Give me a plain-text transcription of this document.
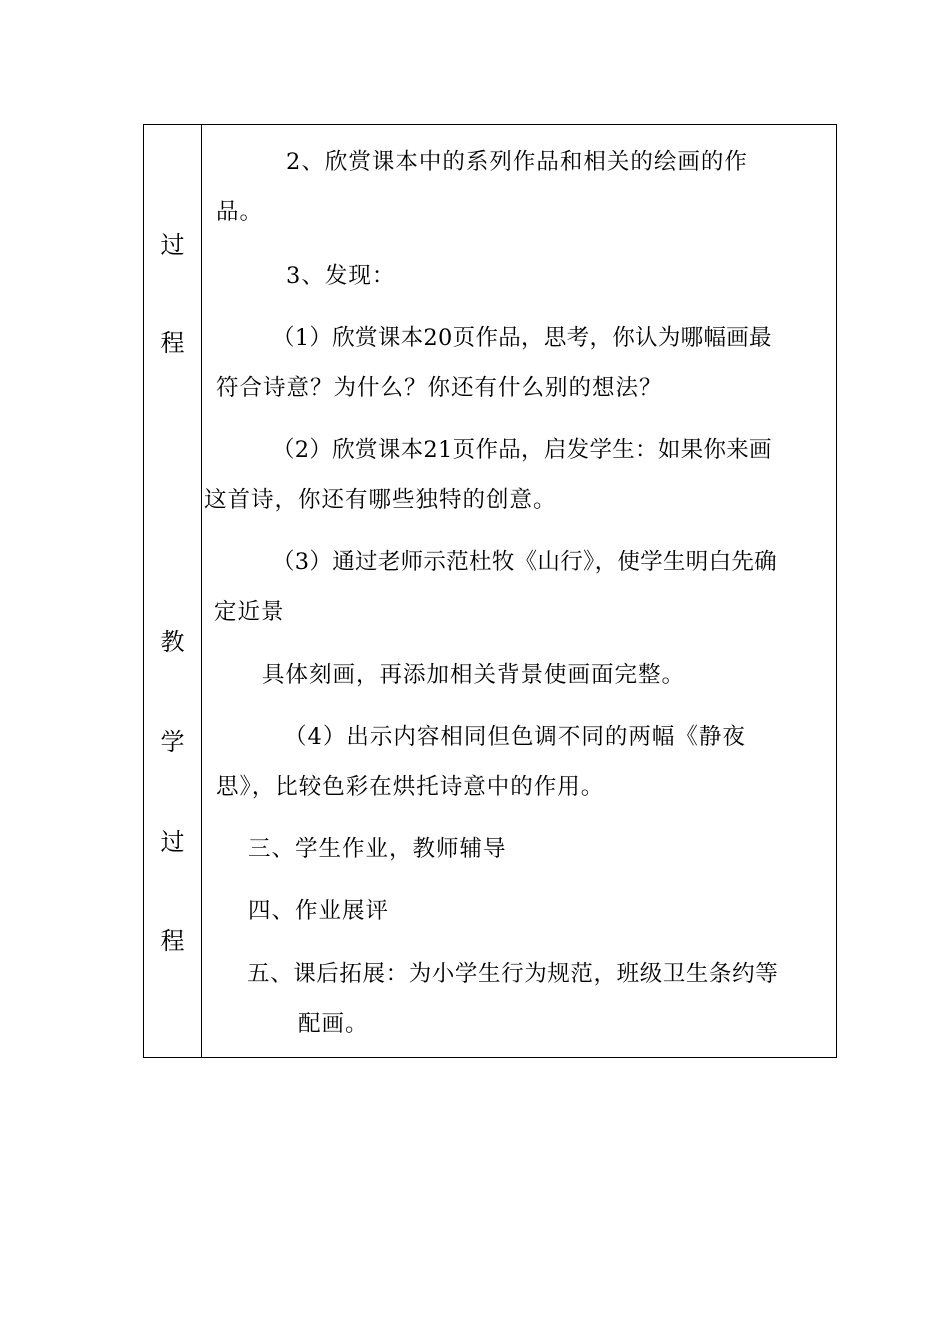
过
程
教
学
过
程
2、欣赏课本中的系列作品和相关的绘画的作
品。
3、发现：
（1）欣赏课本20页作品，思考，你认为哪幅画最
符合诗意？为什么？你还有什么别的想法？
（2）欣赏课本21页作品，启发学生：如果你来画
这首诗，你还有哪些独特的创意。
（3）通过老师示范杜牧《山行》，使学生明白先确
定近景
具体刻画，再添加相关背景使画面完整。
（4）出示内容相同但色调不同的两幅《静夜
思》，比较色彩在烘托诗意中的作用。
三、学生作业，教师辅导
四、作业展评
五、课后拓展：为小学生行为规范，班级卫生条约等
配画。
